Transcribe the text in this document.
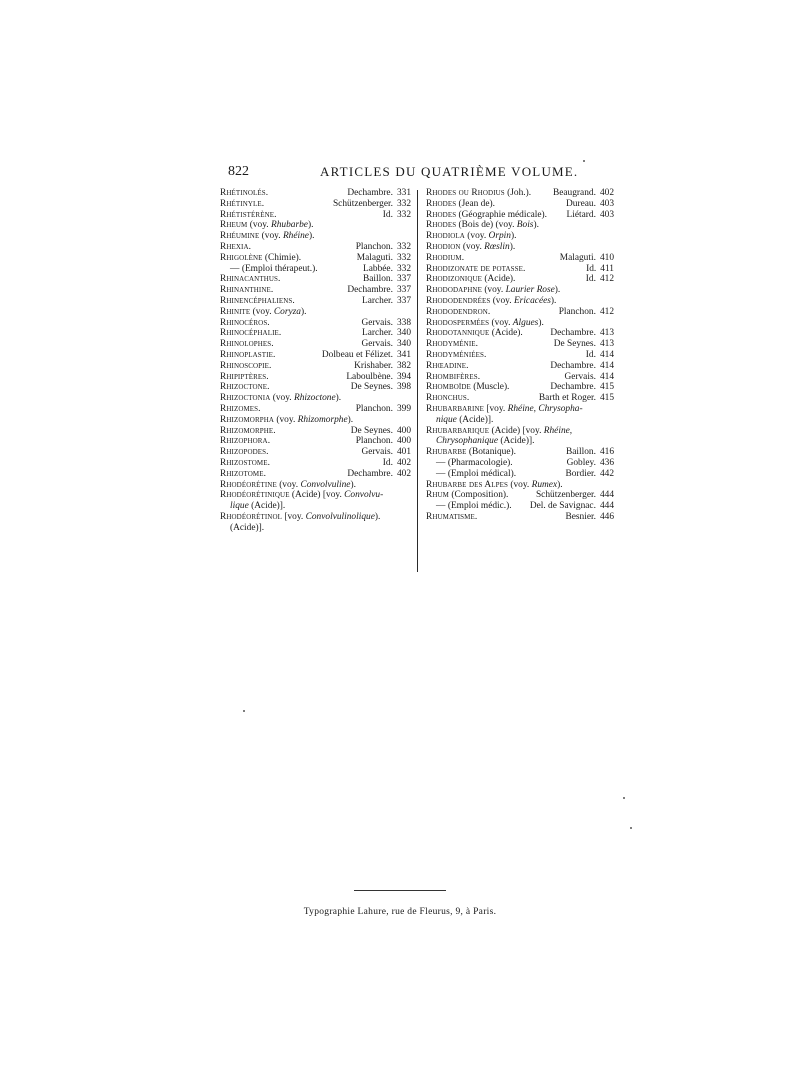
822	ARTICLES DU QUATRIÈME VOLUME.
Rhétinolés.	Dechambre. 331
Rhétinyle.	Schützenberger. 332
Rhétistérène.	Id. 332
Rheum (voy. Rhubarbe).
Rhéumine (voy. Rhéine).
Rhexia.	Planchon. 332
Rhigolène (Chimie).	Malaguti. 332
— (Emploi thérapeut.).	Labbée. 332
Rhinacanthus.	Baillon. 337
Rhinanthine.	Dechambre. 337
Rhinencéphaliens.	Larcher. 337
Rhinite (voy. Coryza).
Rhinocéros.	Gervais. 338
Rhinocéphalie.	Larcher. 340
Rhinolophes.	Gervais. 340
Rhinoplastie.	Dolbeau et Félizet. 341
Rhinoscopie.	Krishaber. 382
Rhipiptères.	Laboulbène. 394
Rhizoctone.	De Seynes. 398
Rhizoctonia (voy. Rhizoctone).
Rhizomes.	Planchon. 399
Rhizomorpha (voy. Rhizomorphe).
Rhizomorphe.	De Seynes. 400
Rhizophora.	Planchon. 400
Rhizopodes.	Gervais. 401
Rhizostome.	Id. 402
Rhizotome.	Dechambre. 402
Rhodéorétine (voy. Convolvuline).
Rhodéorétinique (Acide) [voy. Convolvu-
lique (Acide)].
Rhodéorétinol [voy. Convolvulinolique).
(Acide)].
Rhodes ou Rhodius (Joh.). Beaugrand. 402
Rhodes (Jean de).	Dureau. 403
Rhodes (Géographie médicale). Liétard. 403
Rhodes (Bois de) (voy. Bois).
Rhodiola (voy. Orpin).
Rhodion (voy. Rœslin).
Rhodium.	Malaguti. 410
Rhodizonate de potasse.	Id. 411
Rhodizonique (Acide).	Id. 412
Rhododaphne (voy. Laurier Rose).
Rhododendrées (voy. Ericacées).
Rhododendron.	Planchon. 412
Rhodospermées (voy. Algues).
Rhodotannique (Acide).	Dechambre. 413
Rhodyménie.	De Seynes. 413
Rhodyméniées.	Id. 414
Rhœadine.	Dechambre. 414
Rhombifères.	Gervais. 414
Rhomboïde (Muscle).	Dechambre. 415
Rhonchus.	Barth et Roger. 415
Rhubarbarine [voy. Rhéine, Chrysopha-
nique (Acide)].
Rhubarbarique (Acide) [voy. Rhéine,
Chrysophanique (Acide)].
Rhubarbe (Botanique).	Baillon. 416
— (Pharmacologie).	Gobley. 436
— (Emploi médical).	Bordier. 442
Rhubarbe des Alpes (voy. Rumex).
Rhum (Composition).	Schützenberger. 444
— (Emploi médic.). Del. de Savignac. 444
Rhumatisme.	Besnier. 446
Typographie Lahure, rue de Fleurus, 9, à Paris.
